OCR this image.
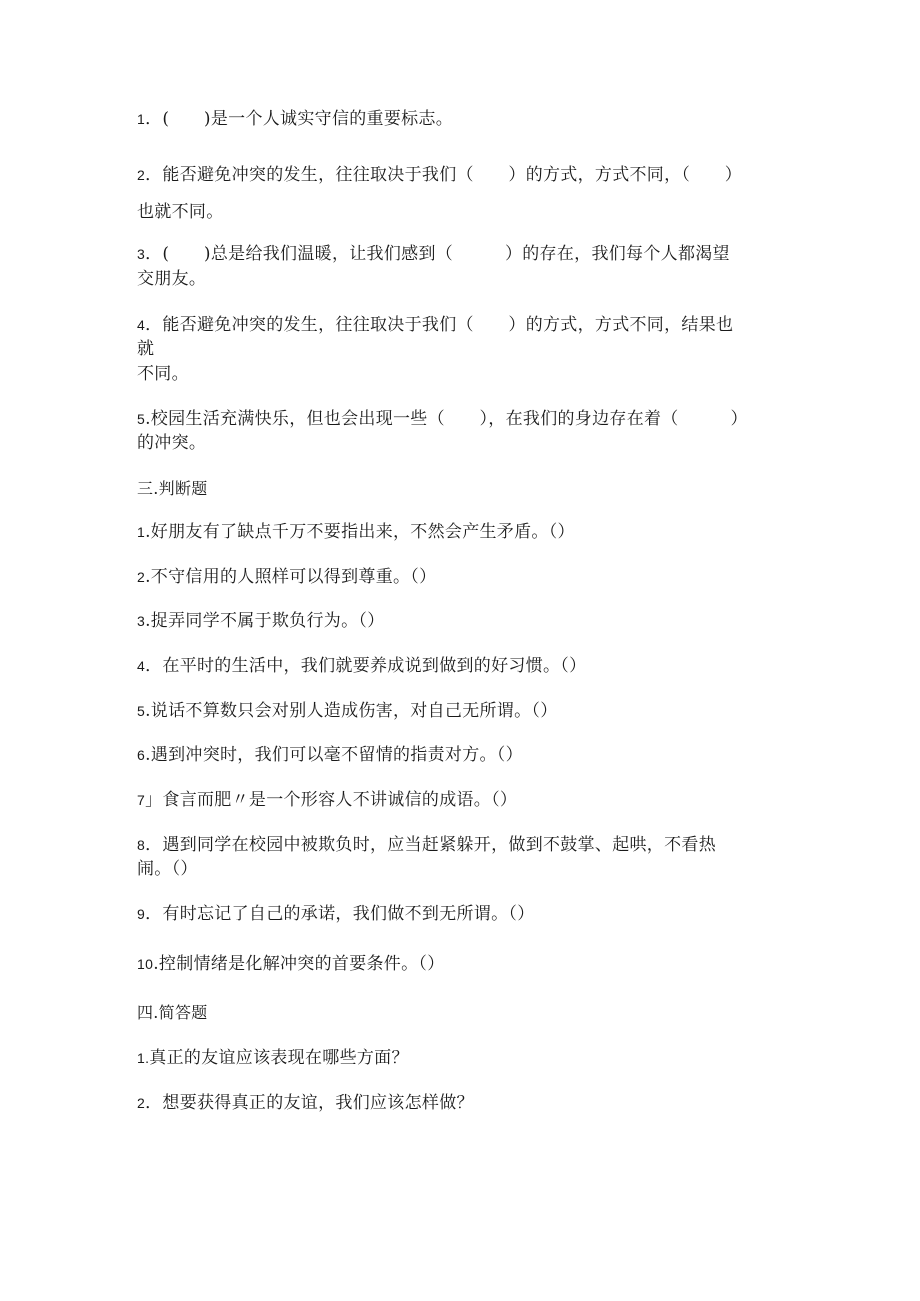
1．(　　)是一个人诚实守信的重要标志。
2．能否避免冲突的发生，往往取决于我们（　　）的方式，方式不同，（　　）
也就不同。
3．(　　)总是给我们温暖，让我们感到（　　　）的存在，我们每个人都渴望
交朋友。
4．能否避免冲突的发生，往往取决于我们（　　）的方式，方式不同，结果也
就
不同。
5.校园生活充满快乐，但也会出现一些（　　），在我们的身边存在着（　　　）
的冲突。
三.判断题
1.好朋友有了缺点千万不要指出来，不然会产生矛盾。（）
2.不守信用的人照样可以得到尊重。（）
3.捉弄同学不属于欺负行为。（）
4．在平时的生活中，我们就要养成说到做到的好习惯。（）
5.说话不算数只会对别人造成伤害，对自己无所谓。（）
6.遇到冲突时，我们可以毫不留情的指责对方。（）
7」食言而肥〃是一个形容人不讲诚信的成语。（）
8．遇到同学在校园中被欺负时，应当赶紧躲开，做到不鼓掌、起哄，不看热
闹。（）
9．有时忘记了自己的承诺，我们做不到无所谓。（）
10.控制情绪是化解冲突的首要条件。（）
四.简答题
1.真正的友谊应该表现在哪些方面？
2．想要获得真正的友谊，我们应该怎样做？
